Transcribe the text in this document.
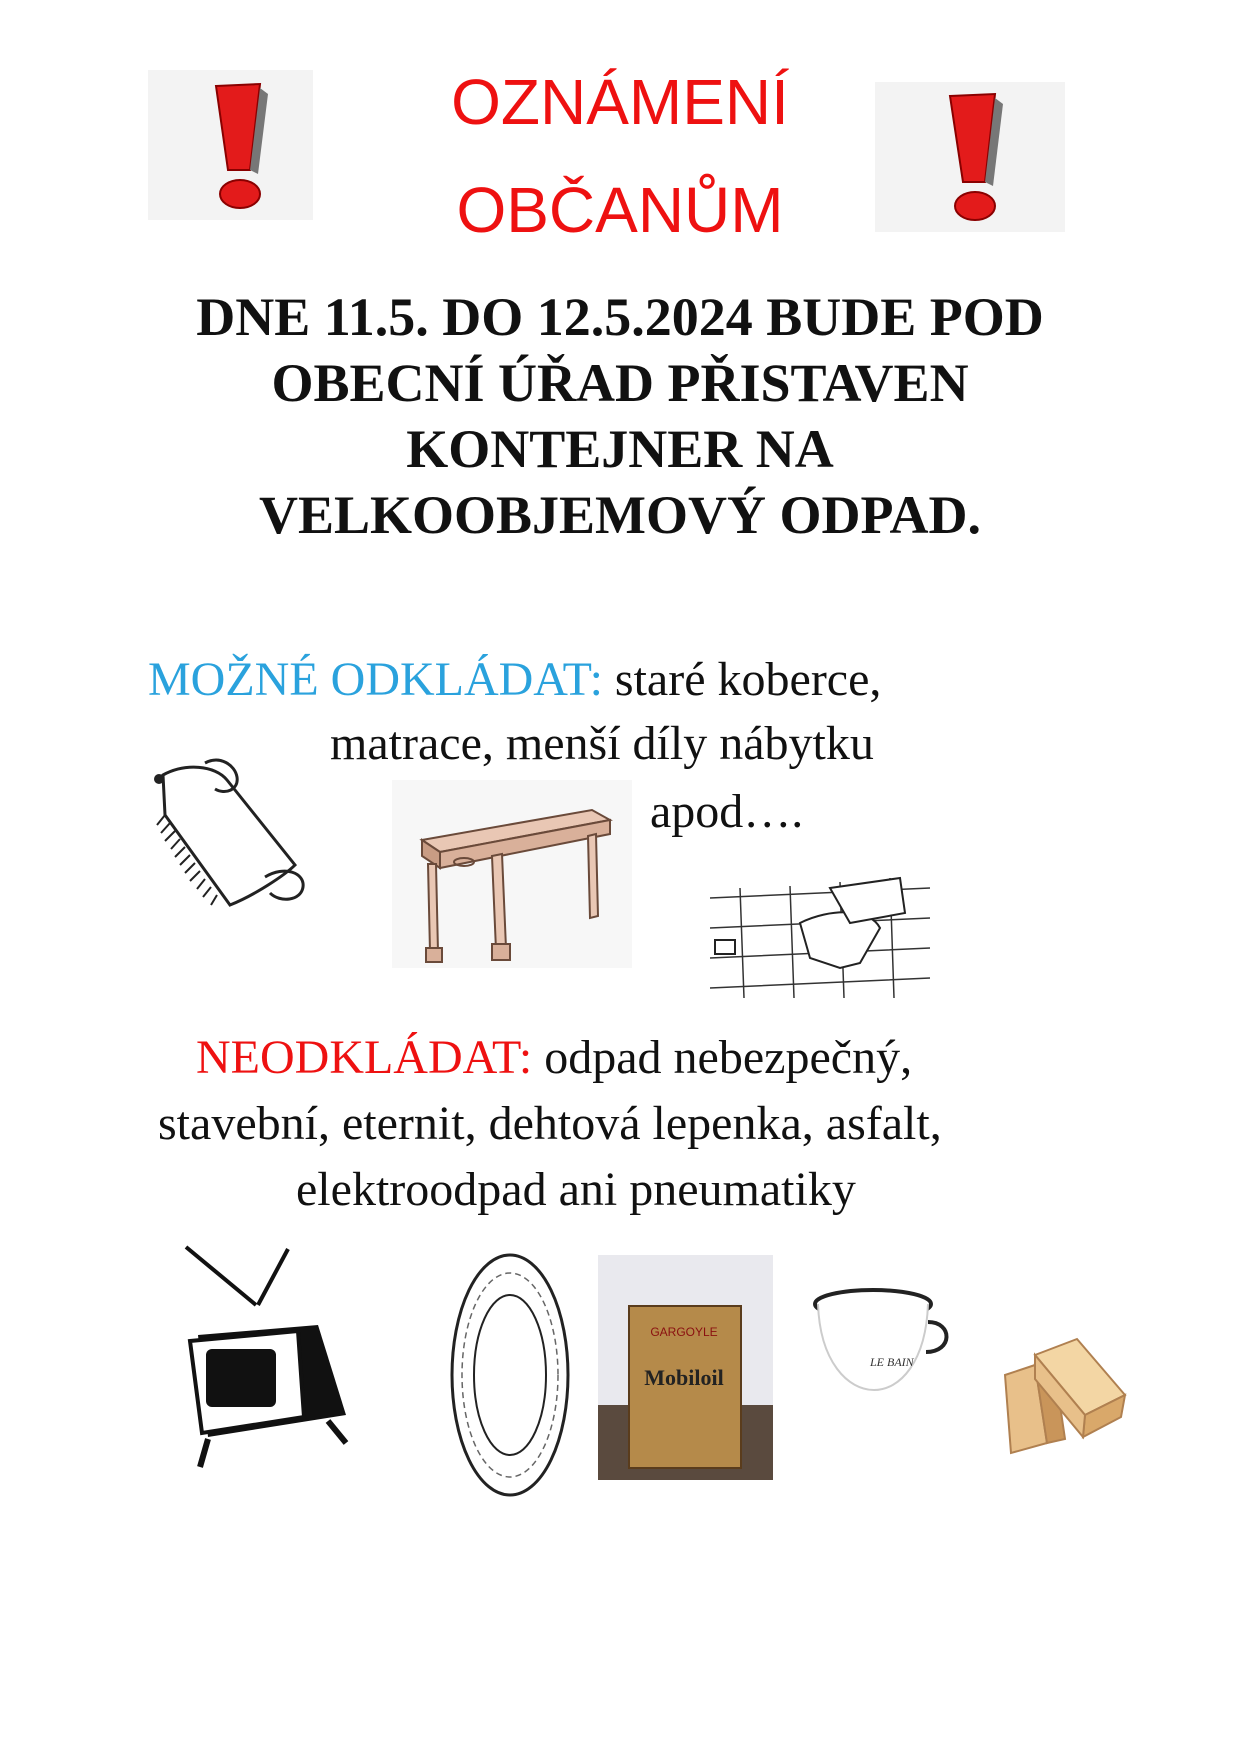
OZNÁMENÍ
OBČANŮM
DNE 11.5. DO 12.5.2024 BUDE POD
OBECNÍ ÚŘAD PŘISTAVEN
KONTEJNER NA
VELKOOBJEMOVÝ ODPAD.
MOŽNÉ ODKLÁDAT: staré koberce,
matrace, menší díly nábytku
apod….
NEODKLÁDAT: odpad nebezpečný,
stavební, eternit, dehtová lepenka, asfalt,
elektroodpad ani pneumatiky
GARGOYLE
Mobiloil
LE BAIN
